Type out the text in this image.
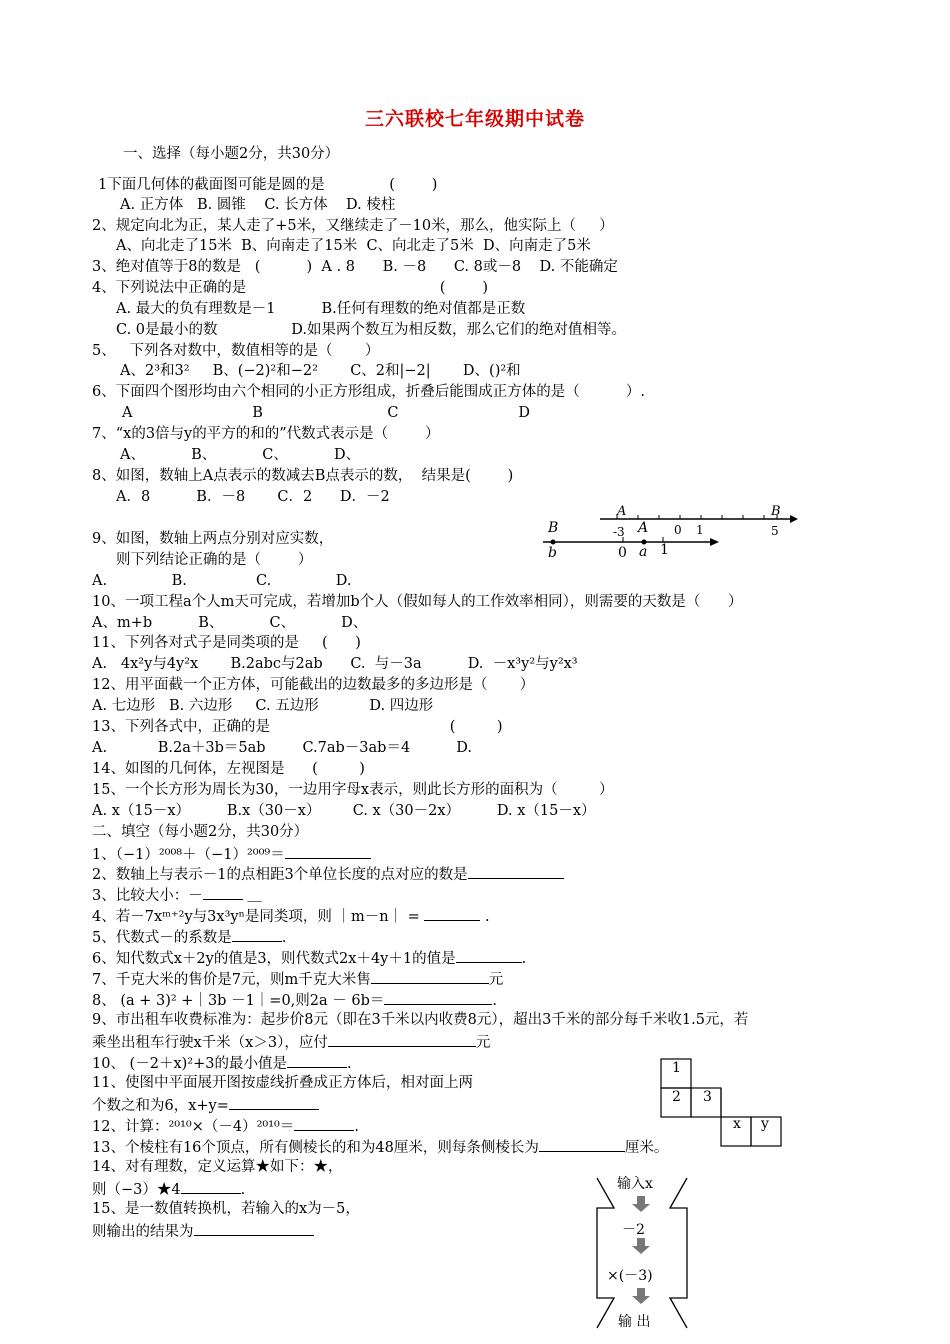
三六联校七年级期中试卷
一、选择（每小题2分，共30分）
1下面几何体的截面图可能是圆的是              (        )
A. 正方体   B. 圆锥    C. 长方体    D. 棱柱
2、规定向北为正，某人走了+5米，又继续走了－10米，那么，他实际上（     ）
A、向北走了15米  B、向南走了15米  C、向北走了5米  D、向南走了5米
3、绝对值等于8的数是   (          )  A . 8      B. －8      C. 8或－8    D. 不能确定
4、下列说法中正确的是                                          (        )
A. 最大的负有理数是－1          B.任何有理数的绝对值都是正数
C. 0是最小的数                D.如果两个数互为相反数，那么它们的绝对值相等。
5、   下列各对数中，数值相等的是（       ）
A、2³和3²     B、(−2)²和−2²       C、2和|−2|       D、()²和
6、下面四个图形均由六个相同的小正方形组成，折叠后能围成正方体的是（          ）.
A                          B                           C                          D
7、“x的3倍与y的平方的和的”代数式表示是（        ）
A、          B、          C、          D、
8、如图，数轴上A点表示的数减去B点表示的数，  结果是(        )
A．8          B．－8       C．2      D．－2
9、如图，数轴上两点分别对应实数，
则下列结论正确的是（        ）
A.              B.               C.              D.
10、一项工程a个人m天可完成，若增加b个人（假如每人的工作效率相同），则需要的天数是（      ）
A、m+b          B、          C、          D、
11、下列各对式子是同类项的是     (      )
A.   4x²y与4y²x       B.2abc与2ab      C.  与－3a          D.  －x³y²与y²x³
12、用平面截一个正方体，可能截出的边数最多的多边形是（       ）
A. 七边形   B. 六边形     C. 五边形           D. 四边形
13、下列各式中，正确的是                                       (         )
A.           B.2a＋3b＝5ab        C.7ab－3ab＝4          D.
14、如图的几何体，左视图是      (         )
15、一个长方形为周长为30，一边用字母x表示，则此长方形的面积为（         ）
A. x（15－x）        B.x（30－x）       C. x（30－2x）        D. x（15－x）
二、填空（每小题2分，共30分）
1、（−1）²⁰⁰⁸＋（−1）²⁰⁰⁹＝
2、数轴上与表示－1的点相距3个单位长度的点对应的数是
3、比较大小：－	＿
4、若－7xᵐ⁺²y与3x³yⁿ是同类项，则 ｜m－n｜ =	.
5、代数式－的系数是	.
6、知代数式x＋2y的值是3，则代数式2x＋4y＋1的值是	.
7、千克大米的售价是7元，则m千克大米售	元
8、 (a + 3)² +｜3b －1｜=0,则2a － 6b＝	.
9、市出租车收费标准为：起步价8元（即在3千米以内收费8元），超出3千米的部分每千米收1.5元，若
乘坐出租车行驶x千米（x＞3），应付	元
10、 (－2＋x)²+3的最小值是	.
11、使图中平面展开图按虚线折叠成正方体后，相对面上两
个数之和为6，x+y=
12、计算：²⁰¹⁰×（－4）²⁰¹⁰＝	.
13、个棱柱有16个顶点，所有侧棱长的和为48厘米，则每条侧棱长为	厘米。
14、对有理数，定义运算★如下：★，
则（−3）★4	.
15、是一数值转换机，若输入的x为－5，
则输出的结果为
A	B
-3	0 1	5
B	A
b	0 a 1
1
2 3
x y
输入x
－2
×(－3)
输 出
